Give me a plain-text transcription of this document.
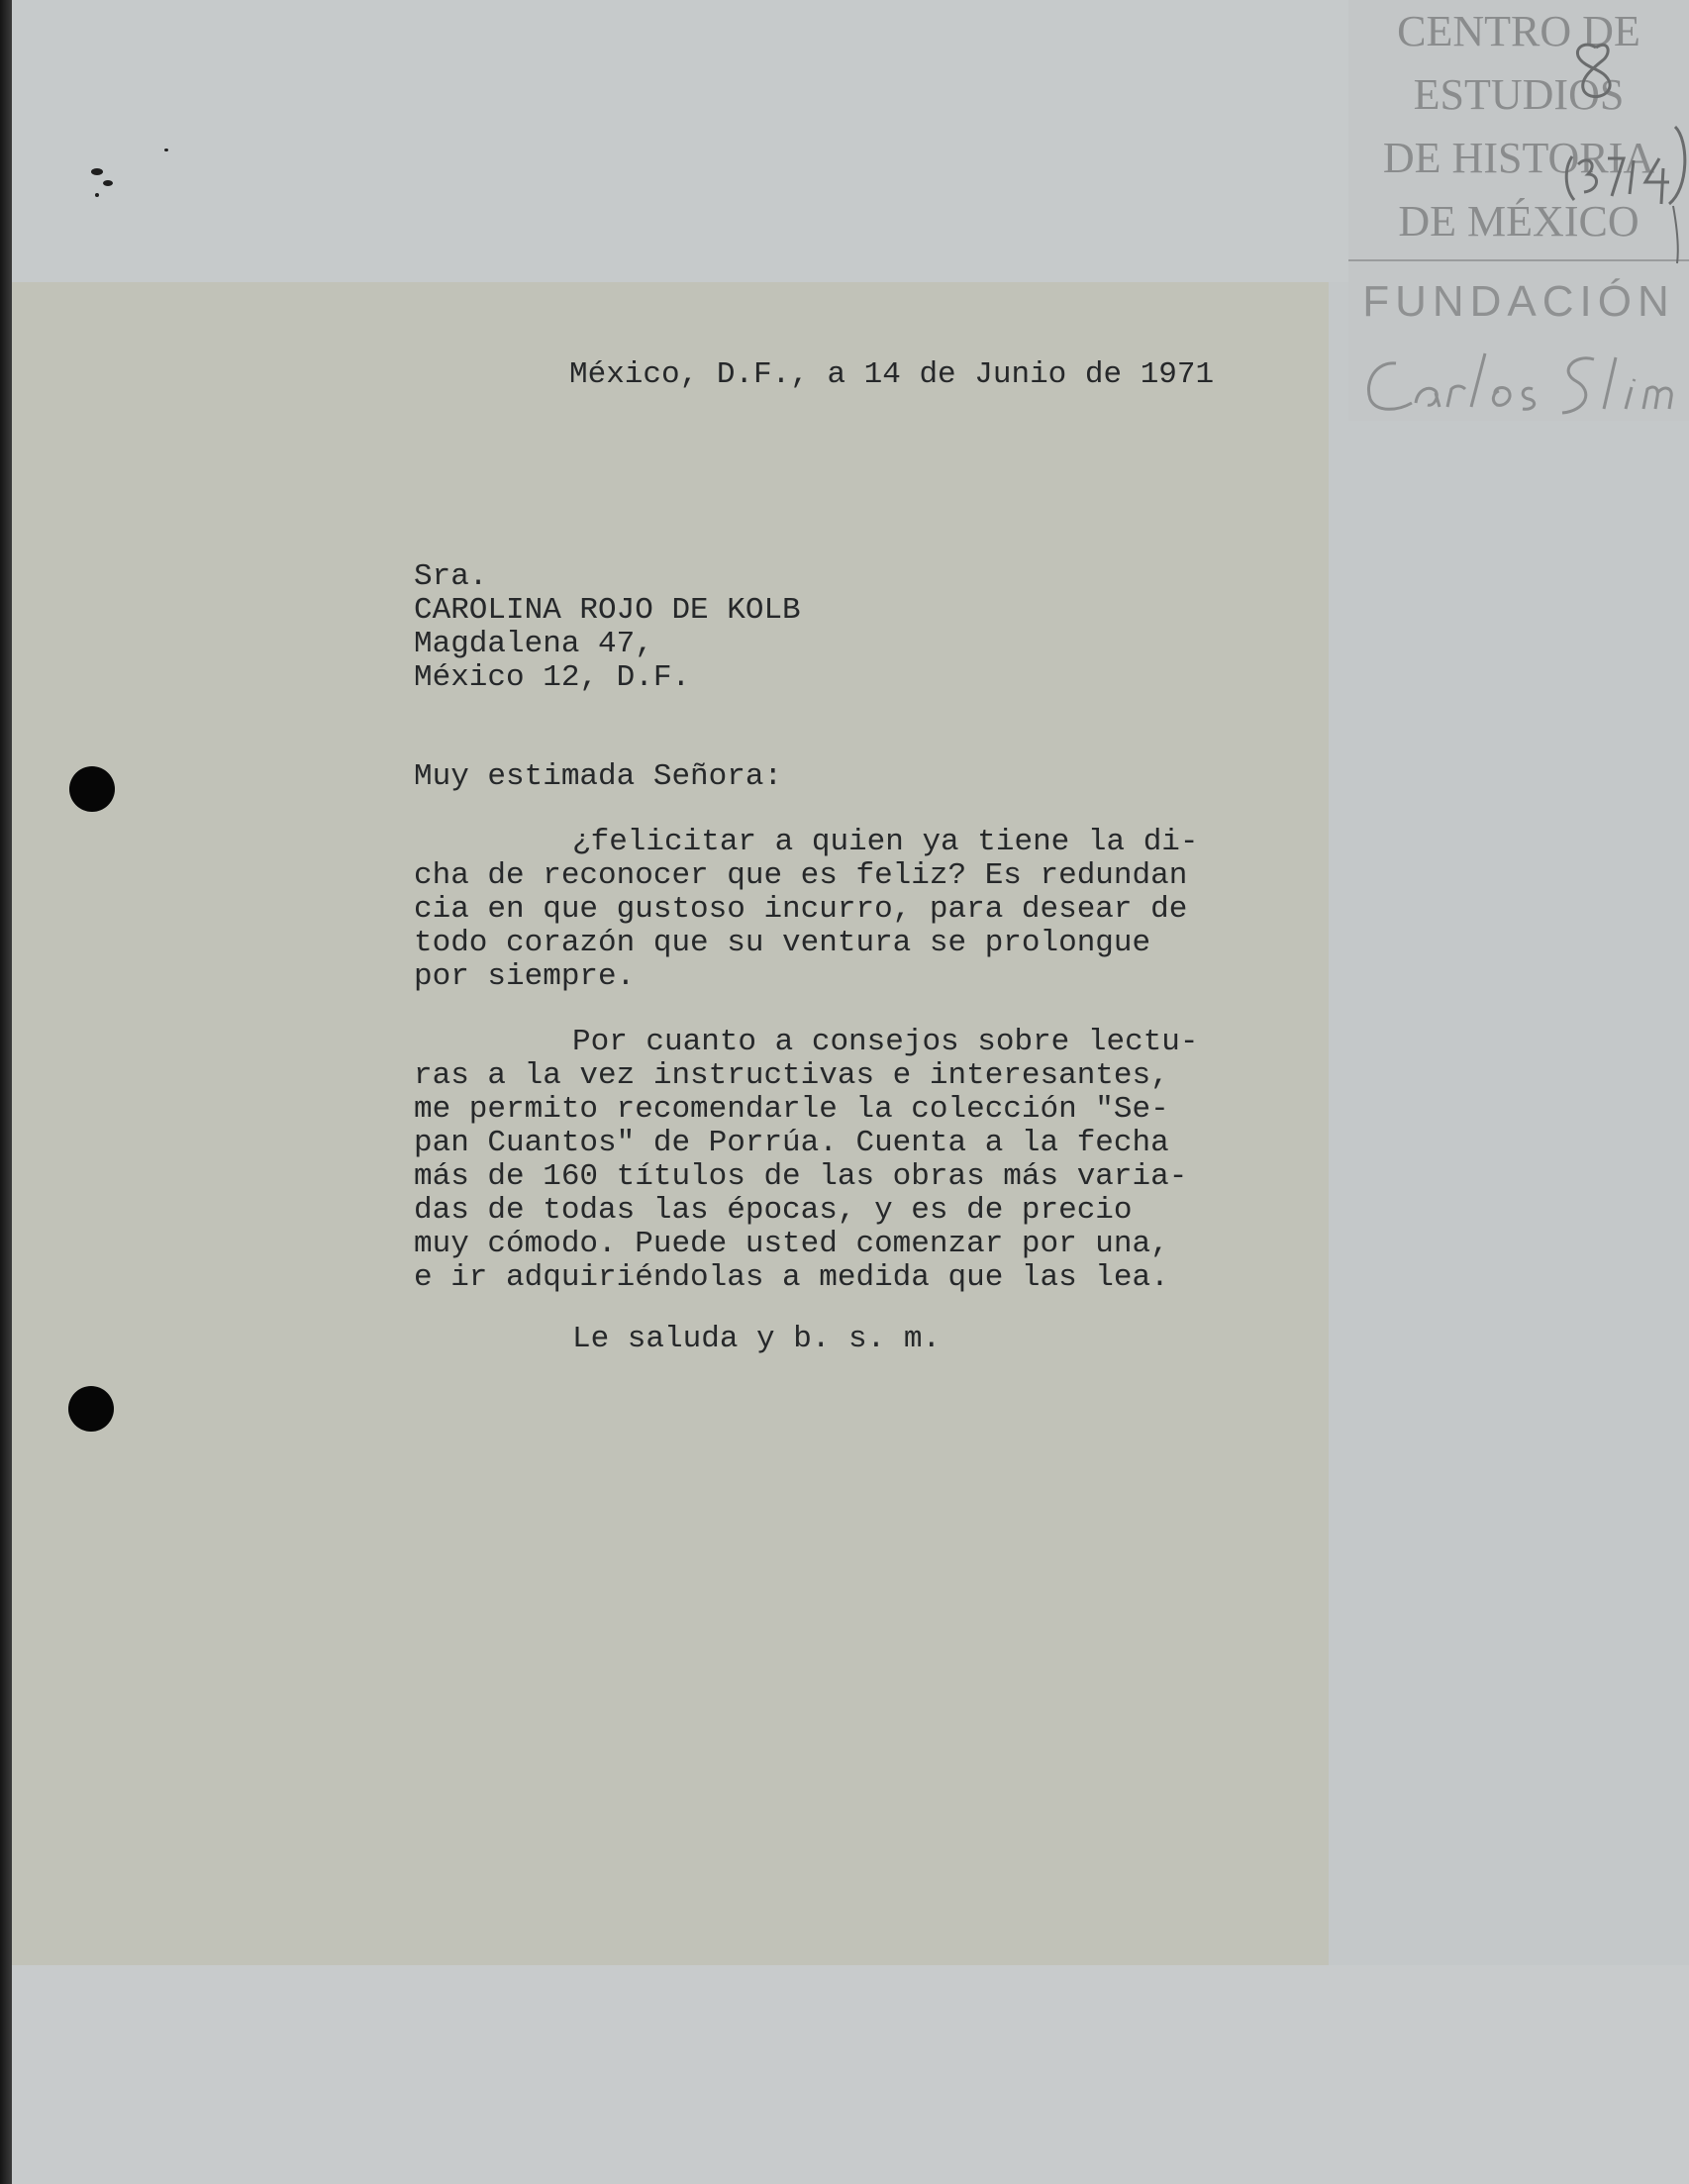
CENTRO DE
ESTUDIOS
DE HISTORIA
DE MÉXICO
FUNDACIÓN
México, D.F., a 14 de Junio de 1971
Sra.
CAROLINA ROJO DE KOLB
Magdalena 47,
México 12, D.F.
Muy estimada Señora:
¿felicitar a quien ya tiene la di-
cha de reconocer que es feliz? Es redundan
cia en que gustoso incurro, para desear de
todo corazón que su ventura se prolongue
por siempre.
Por cuanto a consejos sobre lectu-
ras a la vez instructivas e interesantes,
me permito recomendarle la colección "Se-
pan Cuantos" de Porrúa. Cuenta a la fecha
más de 160 títulos de las obras más varia-
das de todas las épocas, y es de precio
muy cómodo. Puede usted comenzar por una,
e ir adquiriéndolas a medida que las lea.
Le saluda y b. s. m.
